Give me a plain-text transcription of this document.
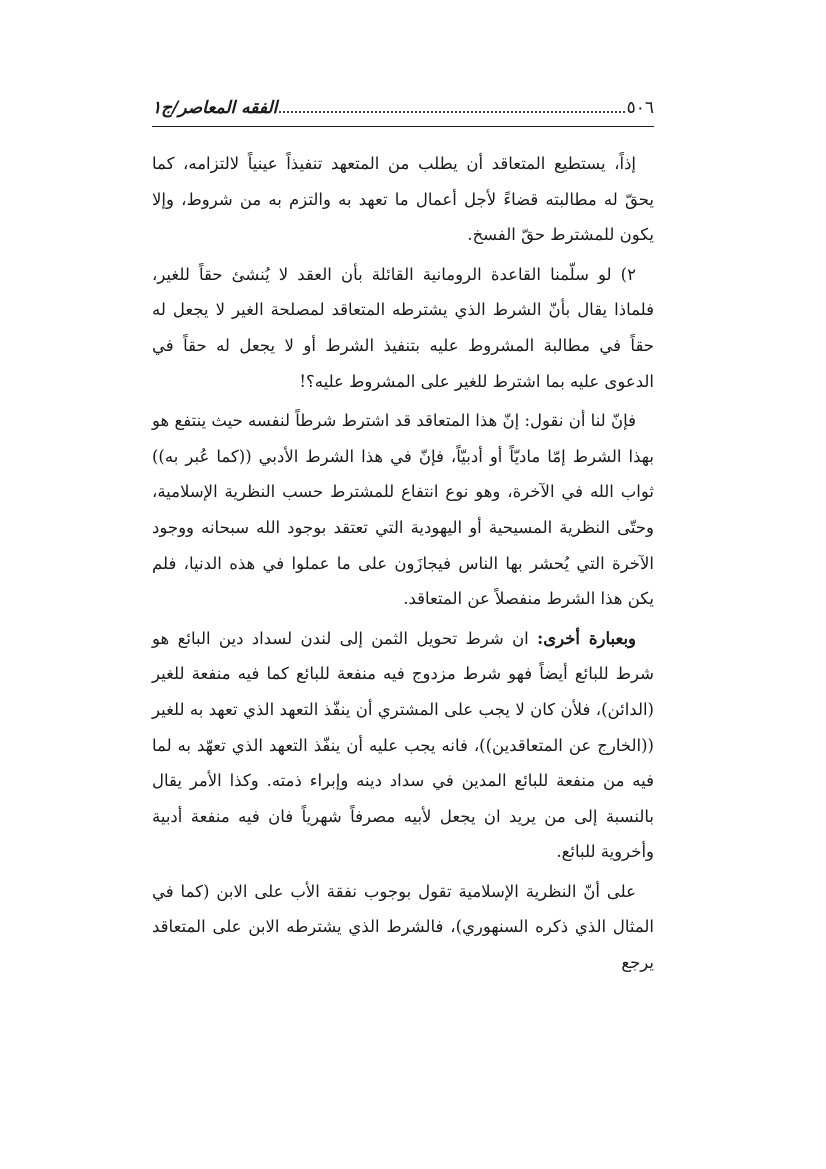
٥٠٦
الفقه المعاصر/ج١

إذاً، يستطيع المتعاقد أن يطلب من المتعهد تنفيذاً عينياً لالتزامه، كما يحقّ له مطالبته قضاءً لأجل أعمال ما تعهد به والتزم به من شروط، وإلا يكون للمشترط حقّ الفسخ.

٢) لو سلّمنا القاعدة الرومانية القائلة بأن العقد لا يُنشئ حقاً للغير، فلماذا يقال بأنّ الشرط الذي يشترطه المتعاقد لمصلحة الغير لا يجعل له حقاً في مطالبة المشروط عليه بتنفيذ الشرط أو لا يجعل له حقاً في الدعوى عليه بما اشترط للغير على المشروط عليه؟!

فإنّ لنا أن نقول: إنّ هذا المتعاقد قد اشترط شرطاً لنفسه حيث ينتفع هو بهذا الشرط إمّا ماديّاً أو أدبيّاً، فإنّ في هذا الشرط الأدبي ((كما عُبر به)) ثواب الله في الآخرة، وهو نوع انتفاع للمشترط حسب النظرية الإسلامية، وحتّى النظرية المسيحية أو اليهودية التي تعتقد بوجود الله سبحانه ووجود الآخرة التي يُحشر بها الناس فيجازَون على ما عملوا في هذه الدنيا، فلم يكن هذا الشرط منفصلاً عن المتعاقد.

وبعبارة أخرى: ان شرط تحويل الثمن إلى لندن لسداد دين البائع هو شرط للبائع أيضاً فهو شرط مزدوج فيه منفعة للبائع كما فيه منفعة للغير (الدائن)، فلأن كان لا يجب على المشتري أن ينفّذ التعهد الذي تعهد به للغير ((الخارج عن المتعاقدين))، فانه يجب عليه أن ينفّذ التعهد الذي تعهّد به لما فيه من منفعة للبائع المدين في سداد دينه وإبراء ذمته. وكذا الأمر يقال بالنسبة إلى من يريد ان يجعل لأبيه مصرفاً شهرياً فان فيه منفعة أدبية وأخروية للبائع.

على أنّ النظرية الإسلامية تقول بوجوب نفقة الأب على الابن (كما في المثال الذي ذكره السنهوري)، فالشرط الذي يشترطه الابن على المتعاقد يرجع
